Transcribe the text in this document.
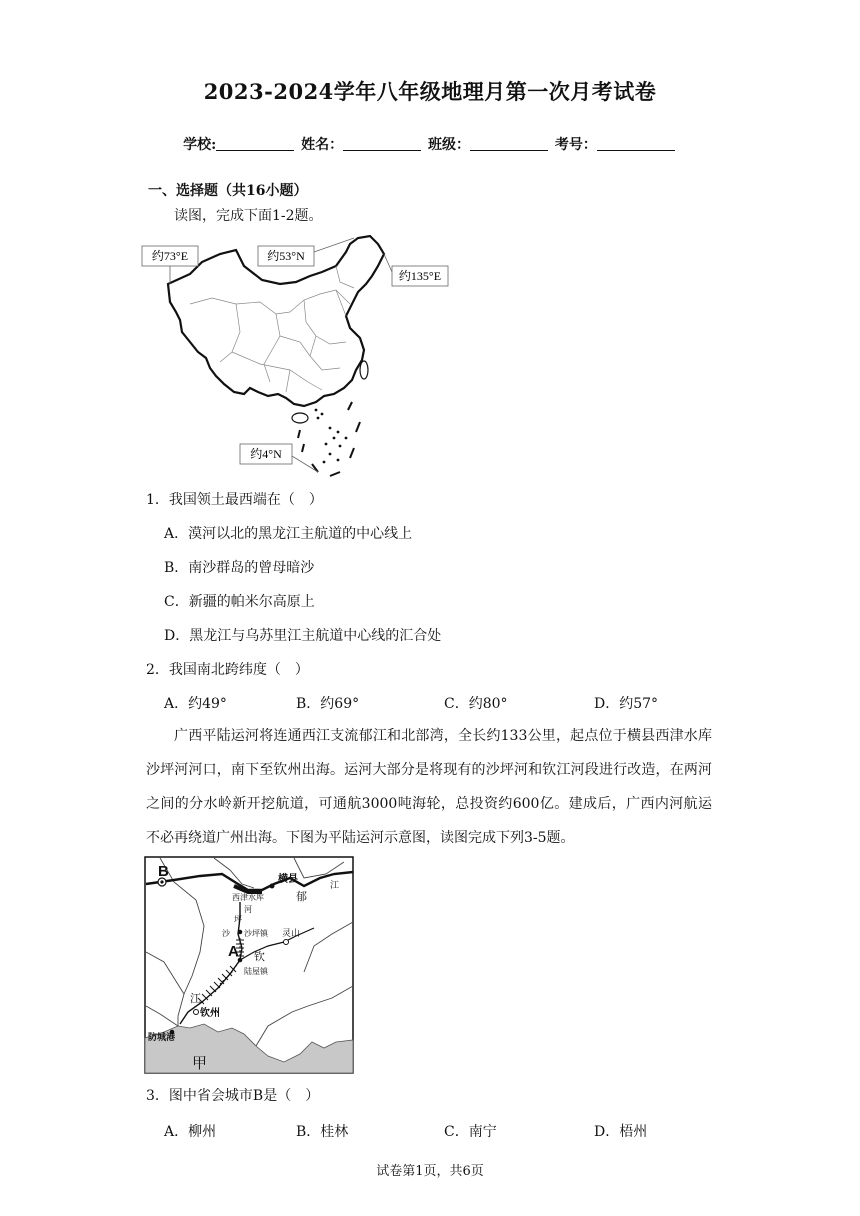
2023-2024学年八年级地理月第一次月考试卷
学校:	姓名：	班级：	考号：
一、选择题（共16小题）
读图，完成下面1-2题。
约73°E	约53°N
约135°E
约4°N
1．我国领土最西端在（　）
A．漠河以北的黑龙江主航道的中心线上
B．南沙群岛的曾母暗沙
C．新疆的帕米尔高原上
D．黑龙江与乌苏里江主航道中心线的汇合处
2．我国南北跨纬度（　）
A．约49°	B．约69°	C．约80°	D．约57°
广西平陆运河将连通西江支流郁江和北部湾，全长约133公里，起点位于横县西津水库沙坪河河口，南下至钦州出海。运河大部分是将现有的沙坪河和钦江河段进行改造，在两河之间的分水岭新开挖航道，可通航3000吨海轮，总投资约600亿。建成后，广西内河航运不必再绕道广州出海。下图为平陆运河示意图，读图完成下列3-5题。
B	横县
西津水库	郁
江
河
坪
沙 沙坪镇
A
灵山
钦
陆屋镇
江
钦州
防城港
甲
3．图中省会城市B是（　）
A．柳州	B．桂林	C．南宁	D．梧州
试卷第1页，共6页
